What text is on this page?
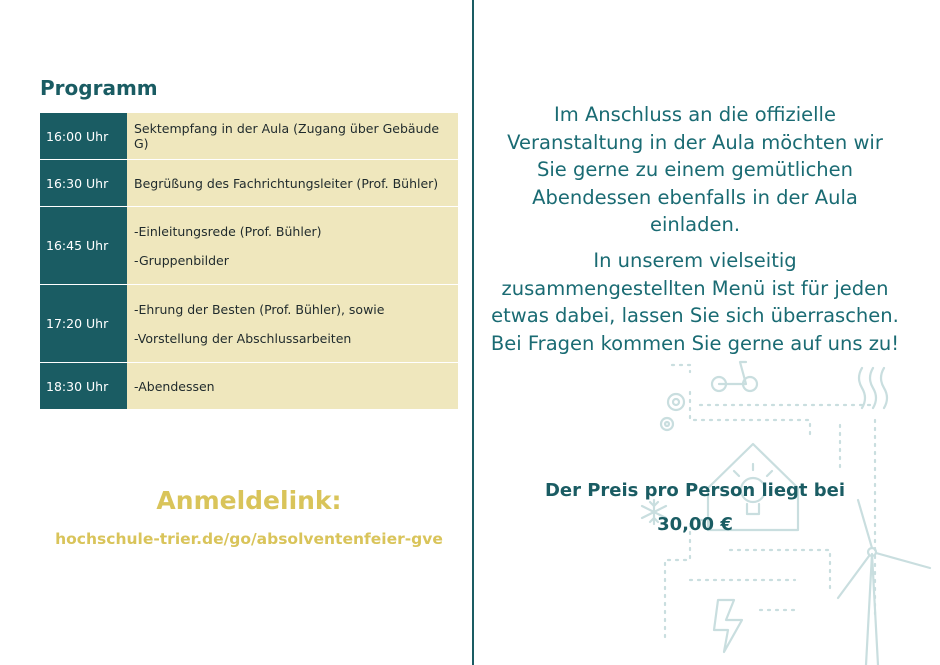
Programm
16:00 Uhr	Sektempfang in der Aula (Zugang über Gebäude G)

16:30 Uhr	Begrüßung des Fachrichtungsleiter (Prof. Bühler)

16:45 Uhr	-Einleitungsrede (Prof. Bühler)
-Gruppenbilder

17:20 Uhr	-Ehrung der Besten (Prof. Bühler), sowie
-Vorstellung der Abschlussarbeiten

18:30 Uhr	-Abendessen
Anmeldelink:
hochschule-trier.de/go/absolventenfeier-gve

Im Anschluss an die offizielle Veranstaltung in der Aula möchten wir Sie gerne zu einem gemütlichen Abendessen ebenfalls in der Aula einladen.

In unserem vielseitig zusammengestellten Menü ist für jeden etwas dabei, lassen Sie sich überraschen. Bei Fragen kommen Sie gerne auf uns zu!

Der Preis pro Person liegt bei
30,00 €
